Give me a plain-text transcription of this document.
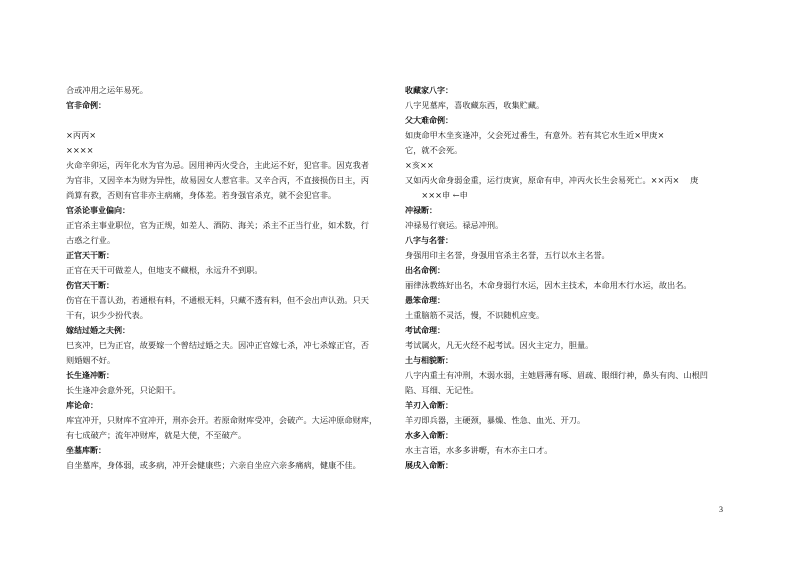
合或冲用之运年易死。
官非命例：
×丙丙×
××××
火命辛卯运，丙年化水为官为忌。因用神丙火受合，主此运不好，犯官非。因克我者
为官非，又因辛本为财为异性，故易因女人惹官非。又辛合丙，不直接损伤日主，丙
尚算有救，否则有官非亦主病痛，身体差。若身强官杀克，就不会犯官非。
官杀论事业偏向：
正官杀主事业职位，官为正规，如差人、酒防、海关；杀主不正当行业，如术数，行
古惑之行业。
正官天干断：
正官在天干可做差人，但地支不藏根，永远升不到职。
伤官天干断：
伤官在干喜认劲，若通根有料，不通根无料，只藏不透有料，但不会出声认劲。只天
干有，识少少扮代表。
嫁结过婚之夫例：
巳亥冲，巳为正官，故要嫁一个曾结过婚之夫。因冲正官嫁七杀，冲七杀嫁正官，否
则婚姻不好。
长生逢冲断：
长生逢冲会意外死，只论阳干。
库论命：
库宜冲开，只财库不宜冲开，刑亦会开。若原命财库受冲，会破产。大运冲原命财库，
有七成破产；流年冲财库，就是大使，不至破产。
坐墓库断：
自坐墓库，身体弱，或多病，冲开会健康些；六亲自坐应六亲多痛病，健康不佳。
收藏家八字：
八字见墓库，喜收藏东西，收集贮藏。
父大难命例：
如庚命甲木坐亥逢冲，父会死过番生，有意外。若有其它水生近×甲庚×
它，就不会死。
×亥××
又如丙火命身弱金重，运行庚寅，原命有申，冲丙火长生会易死亡。××丙×　 庚
　　×××申 ←申
冲禄断：
冲禄易行衰运。禄忌冲刑。
八字与名誉：
身强用印主名誉，身强用官杀主名誉，五行以水主名誉。
出名命例：
丽律泳教练好出名，木命身弱行水运，因木主技术，本命用木行水运，故出名。
愚笨命理：
土重脑筋不灵活，慢，不识随机应变。
考试命理：
考试属火，凡无火经不起考试。因火主定力，胆量。
土与相貌断：
八字内重土有冲刑，木弱水弱，主她唇薄有啄、眉疏、眼细行神，鼻头有肉、山根凹
陷、耳细、无记性。
羊刃入命断：
羊刃即兵器，主硬颈，暴燥、性急、血光、开刀。
水多入命断：
水主言语，水多多讲嘢，有木亦主口才。
展戌入命断：
3
